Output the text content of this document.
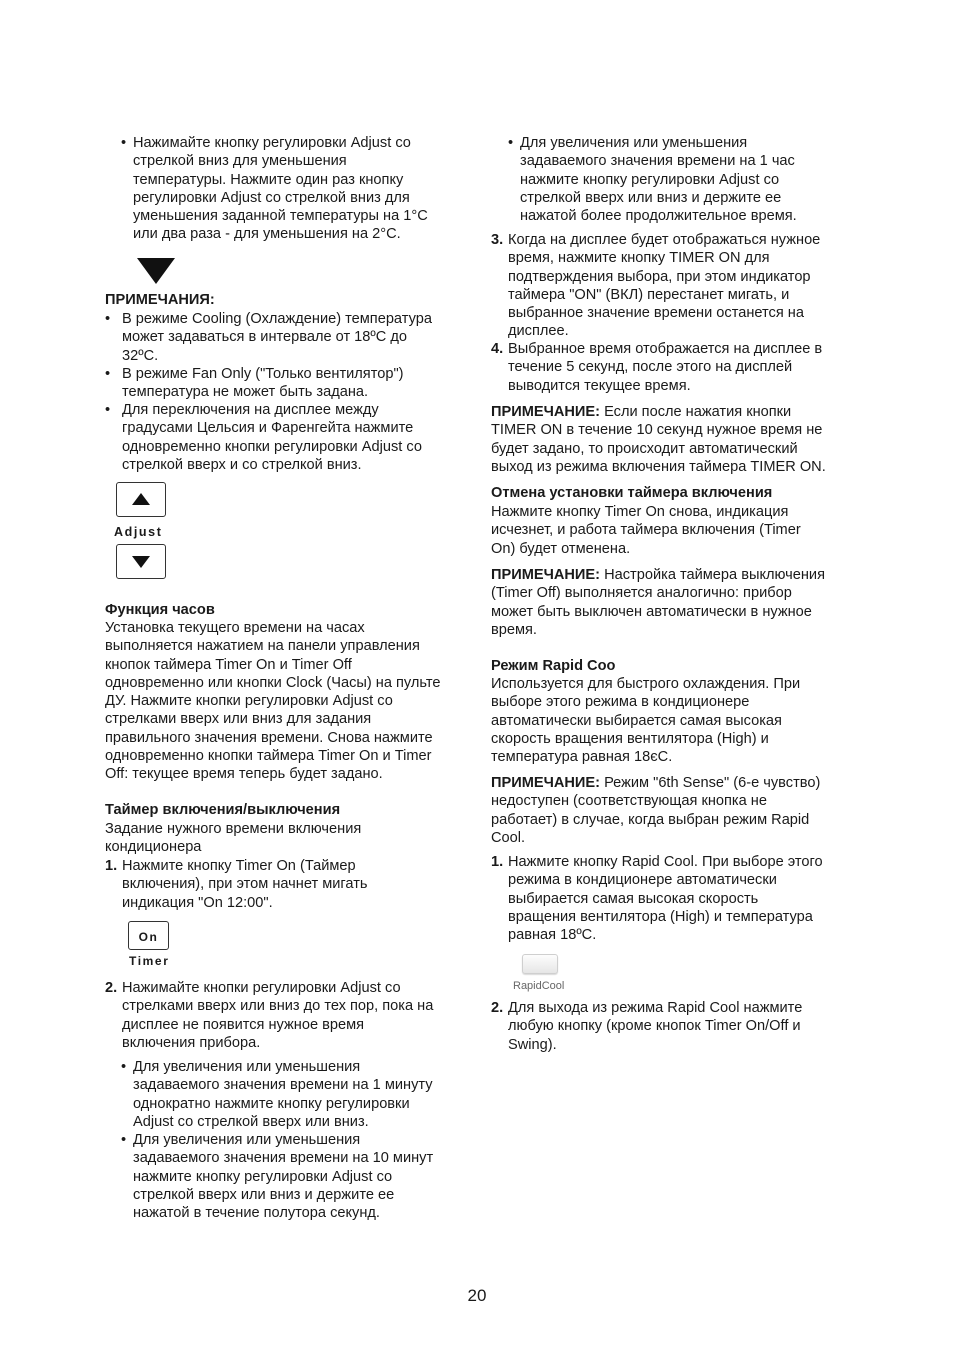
• Нажимайте кнопку регулировки Adjust со
стрелкой вниз для уменьшения
температуры. Нажмите один раз кнопку
регулировки Adjust со стрелкой вниз для
уменьшения заданной температуры на 1°С
или два раза - для уменьшения на 2°С.
ПРИМЕЧАНИЯ:
• В режиме Cooling (Охлаждение) температура
может задаваться в интервале от 18ºC до
32ºC.
• В режиме Fan Only ("Только вентилятор")
температура не может быть задана.
• Для переключения на дисплее между
градусами Цельсия и Фаренгейта нажмите
одновременно кнопки регулировки Adjust со
стрелкой вверх и со стрелкой вниз.
Adjust
Функция часов
Установка текущего времени на часах
выполняется нажатием на панели управления
кнопок таймера Timer On и Timer Off
одновременно или кнопки Clock (Часы) на пульте
ДУ. Нажмите кнопки регулировки Adjust со
стрелками вверх или вниз для задания
правильного значения времени. Снова нажмите
одновременно кнопки таймера Timer On и Timer
Off: текущее время теперь будет задано.
Таймер включения/выключения
Задание нужного времени включения
кондиционера
1. Нажмите кнопку Timer On (Таймер
включения), при этом начнет мигать
индикация "On 12:00".
On
Timer
2. Нажимайте кнопки регулировки Adjust со
стрелками вверх или вниз до тех пор, пока на
дисплее не появится нужное время
включения прибора.
• Для увеличения или уменьшения
задаваемого значения времени на 1 минуту
однократно нажмите кнопку регулировки
Adjust со стрелкой вверх или вниз.
• Для увеличения или уменьшения
задаваемого значения времени на 10 минут
нажмите кнопку регулировки Adjust со
стрелкой вверх или вниз и держите ее
нажатой в течение полутора секунд.
• Для увеличения или уменьшения
задаваемого значения времени на 1 час
нажмите кнопку регулировки Adjust со
стрелкой вверх или вниз и держите ее
нажатой более продолжительное время.
3. Когда на дисплее будет отображаться нужное
время, нажмите кнопку TIMER ON для
подтверждения выбора, при этом индикатор
таймера "ON" (ВКЛ) перестанет мигать, и
выбранное значение времени останется на
дисплее.
4. Выбранное время отображается на дисплее в
течение 5 секунд, после этого на дисплей
выводится текущее время.
ПРИМЕЧАНИЕ: Если после нажатия кнопки
TIMER ON в течение 10 секунд нужное время не
будет задано, то происходит автоматический
выход из режима включения таймера TIMER ON.
Отмена установки таймера включения
Нажмите кнопку Timer On снова, индикация
исчезнет, и работа таймера включения (Timer
On) будет отменена.
ПРИМЕЧАНИЕ: Настройка таймера выключения
(Timer Off) выполняется аналогично: прибор
может быть выключен автоматически в нужное
время.
Режим Rapid Coo
Используется для быстрого охлаждения. При
выборе этого режима в кондиционере
автоматически выбирается самая высокая
скорость вращения вентилятора (High) и
температура равная 18єС.
ПРИМЕЧАНИЕ: Режим "6th Sense" (6-е чувство)
недоступен (соответствующая кнопка не
работает) в случае, когда выбран режим Rapid
Cool.
1. Нажмите кнопку Rapid Cool. При выборе этого
режима в кондиционере автоматически
выбирается самая высокая скорость
вращения вентилятора (High) и температура
равная 18ºC.
RapidCool
2. Для выхода из режима Rapid Cool нажмите
любую кнопку (кроме кнопок Timer On/Off и
Swing).
20
